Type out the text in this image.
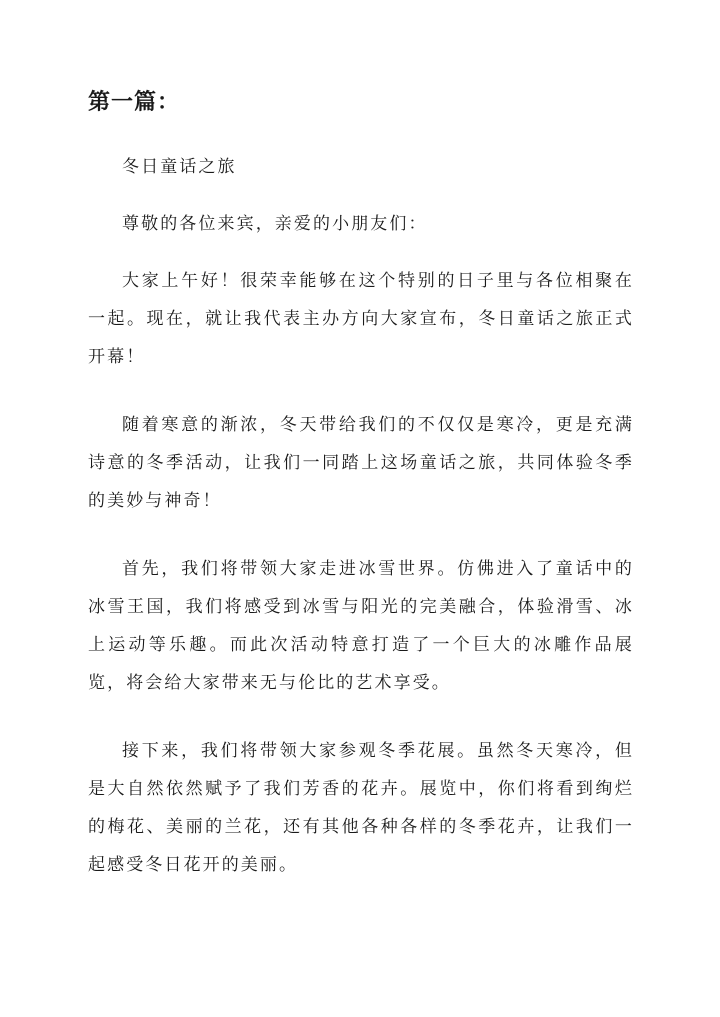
第一篇：

冬日童话之旅

尊敬的各位来宾，亲爱的小朋友们：

大家上午好！很荣幸能够在这个特别的日子里与各位相聚在一起。现在，就让我代表主办方向大家宣布，冬日童话之旅正式开幕！

随着寒意的渐浓，冬天带给我们的不仅仅是寒冷，更是充满诗意的冬季活动，让我们一同踏上这场童话之旅，共同体验冬季的美妙与神奇！

首先，我们将带领大家走进冰雪世界。仿佛进入了童话中的冰雪王国，我们将感受到冰雪与阳光的完美融合，体验滑雪、冰上运动等乐趣。而此次活动特意打造了一个巨大的冰雕作品展览，将会给大家带来无与伦比的艺术享受。

接下来，我们将带领大家参观冬季花展。虽然冬天寒冷，但是大自然依然赋予了我们芳香的花卉。展览中，你们将看到绚烂的梅花、美丽的兰花，还有其他各种各样的冬季花卉，让我们一起感受冬日花开的美丽。
